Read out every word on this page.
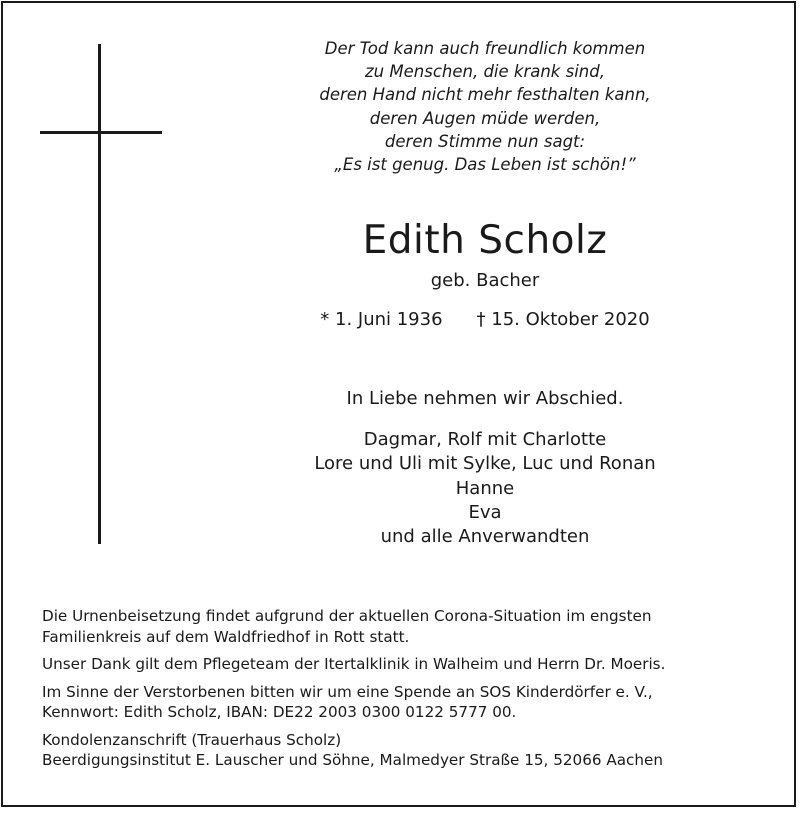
Der Tod kann auch freundlich kommen
zu Menschen, die krank sind,
deren Hand nicht mehr festhalten kann,
deren Augen müde werden,
deren Stimme nun sagt:
„Es ist genug. Das Leben ist schön!”
Edith Scholz
geb. Bacher
* 1. Juni 1936 † 15. Oktober 2020
In Liebe nehmen wir Abschied.
Dagmar, Rolf mit Charlotte
Lore und Uli mit Sylke, Luc und Ronan
Hanne
Eva
und alle Anverwandten

Die Urnenbeisetzung findet aufgrund der aktuellen Corona-Situation im engsten
Familienkreis auf dem Waldfriedhof in Rott statt.

Unser Dank gilt dem Pflegeteam der Itertalklinik in Walheim und Herrn Dr. Moeris.

Im Sinne der Verstorbenen bitten wir um eine Spende an SOS Kinderdörfer e. V.,
Kennwort: Edith Scholz, IBAN: DE22 2003 0300 0122 5777 00.

Kondolenzanschrift (Trauerhaus Scholz)
Beerdigungsinstitut E. Lauscher und Söhne, Malmedyer Straße 15, 52066 Aachen
